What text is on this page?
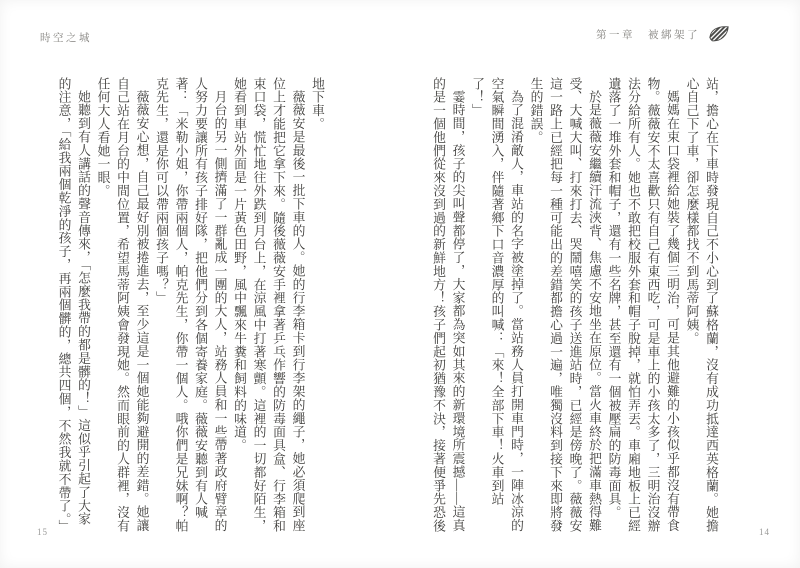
時空之城

地下車。

薇薇安是最後一批下車的人。她的行李箱卡到行李架的繩子，她必須爬到座位上才能把它拿下來。隨後薇薇安手裡拿著乒乓作響的防毒面具盒、行李箱和束口袋，慌忙地往外跌到月台上，在涼風中打著寒顫。這裡的一切都好陌生，她看到車站外面是一片黃色田野，風中飄來牛糞和飼料的味道。

月台的另一側擠滿了一群亂成一團的大人，站務人員和一些帶著政府臂章的人努力要讓所有孩子排好隊，把他們分到各個寄養家庭。薇薇安聽到有人喊著：「米勒小姐，你帶兩個人，帕克先生，你帶一個人。哦你們是兄妹啊？帕克先生，還是你可以帶兩個孩子嗎？」

薇薇安心想，自己最好別被捲進去，至少這是一個她能夠避開的差錯。她讓自己站在月台的中間位置，希望馬蒂阿姨會發現她。然而眼前的人群裡，沒有任何大人看她一眼。

她聽到有人講話的聲音傳來，「怎麼我帶的都是髒的！」這似乎引起了大家的注意，「給我兩個乾淨的孩子，再兩個髒的，總共四個，不然我就不帶了。」

15
第一章　被綁架了

站，擔心在下車時發現自己不小心到了蘇格蘭，沒有成功抵達西英格蘭。她擔心自己下了車，卻怎麼樣都找不到馬蒂阿姨。

媽媽在束口袋裡給她裝了幾個三明治，可是其他避難的小孩似乎都沒有帶食物。薇薇安不太喜歡只有自己有東西吃，可是車上的小孩太多了，三明治沒辦法分給所有人。她也不敢把校服外套和帽子脫掉，就怕弄丟。車廂地板上已經遺落了一堆外套和帽子，還有一些名牌，甚至還有一個被壓扁的防毒面具。

於是薇薇安繼續汗流浹背、焦慮不安地坐在原位。當火車終於把滿車熱得難受、大喊大叫、打來打去、哭鬧嘻笑的孩子送進站時，已經是傍晚了。薇薇安這一路上已經把每一種可能出的差錯都擔心過一遍，唯獨沒料到接下來即將發生的錯誤。

為了混淆敵人，車站的名字被塗掉了。當站務人員打開車門時，一陣冰涼的空氣瞬間湧入，伴隨著鄉下口音濃厚的叫喊：「來！全部下車！火車到站了！」

霎時間，孩子的尖叫聲都停了，大家都為突如其來的新環境所震撼——這真的是一個他們從來沒到過的新鮮地方！孩子們起初猶豫不決，接著便爭先恐後	14
